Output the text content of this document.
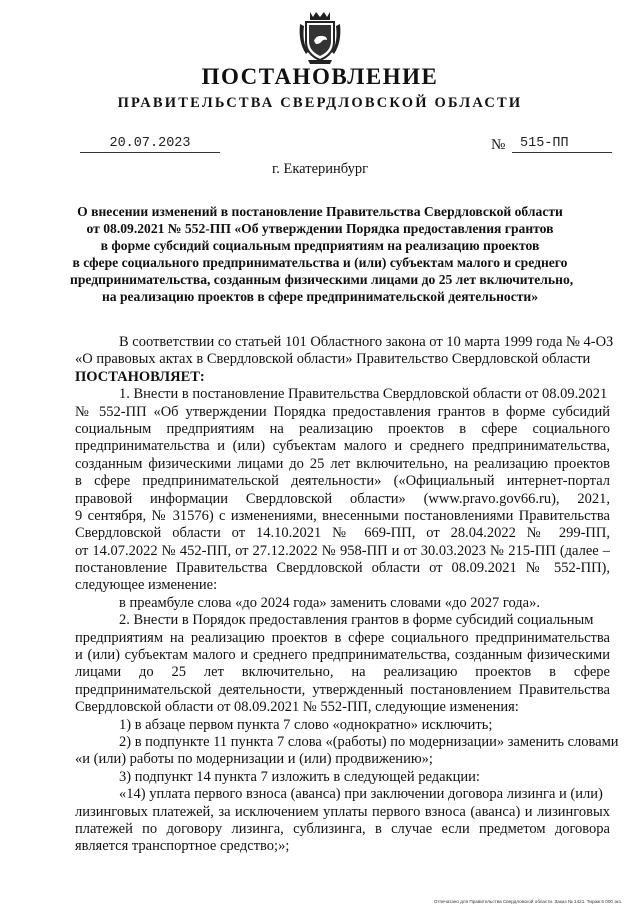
ПОСТАНОВЛЕНИЕ
ПРАВИТЕЛЬСТВА СВЕРДЛОВСКОЙ ОБЛАСТИ
20.07.2023	№	515-ПП
г. Екатеринбург
О внесении изменений в постановление Правительства Свердловской области
от 08.09.2021 № 552-ПП «Об утверждении Порядка предоставления грантов
в форме субсидий социальным предприятиям на реализацию проектов
в сфере социального предпринимательства и (или) субъектам малого и среднего
предпринимательства, созданным физическими лицами до 25 лет включительно,
на реализацию проектов в сфере предпринимательской деятельности»
В соответствии со статьей 101 Областного закона от 10 марта 1999 года № 4-ОЗ
«О правовых актах в Свердловской области» Правительство Свердловской области
ПОСТАНОВЛЯЕТ:
1. Внести в постановление Правительства Свердловской области от 08.09.2021
№ 552-ПП «Об утверждении Порядка предоставления грантов в форме субсидий
социальным предприятиям на реализацию проектов в сфере социального
предпринимательства и (или) субъектам малого и среднего предпринимательства,
созданным физическими лицами до 25 лет включительно, на реализацию проектов
в сфере предпринимательской деятельности» («Официальный интернет-портал
правовой информации Свердловской области» (www.pravo.gov66.ru), 2021,
9 сентября, № 31576) с изменениями, внесенными постановлениями Правительства
Свердловской области от 14.10.2021 № 669-ПП, от 28.04.2022 № 299-ПП,
от 14.07.2022 № 452-ПП, от 27.12.2022 № 958-ПП и от 30.03.2023 № 215-ПП (далее –
постановление Правительства Свердловской области от 08.09.2021 № 552-ПП),
следующее изменение:
в преамбуле слова «до 2024 года» заменить словами «до 2027 года».
2. Внести в Порядок предоставления грантов в форме субсидий социальным
предприятиям на реализацию проектов в сфере социального предпринимательства
и (или) субъектам малого и среднего предпринимательства, созданным физическими
лицами до 25 лет включительно, на реализацию проектов в сфере
предпринимательской деятельности, утвержденный постановлением Правительства
Свердловской области от 08.09.2021 № 552-ПП, следующие изменения:
1) в абзаце первом пункта 7 слово «однократно» исключить;
2) в подпункте 11 пункта 7 слова «(работы) по модернизации» заменить словами
«и (или) работы по модернизации и (или) продвижению»;
3) подпункт 14 пункта 7 изложить в следующей редакции:
«14) уплата первого взноса (аванса) при заключении договора лизинга и (или)
лизинговых платежей, за исключением уплаты первого взноса (аванса) и лизинговых
платежей по договору лизинга, сублизинга, в случае если предметом договора
является транспортное средство;»;
Отпечатано для Правительства Свердловской области. Заказ № 1421. Тираж 5 000 экз.
